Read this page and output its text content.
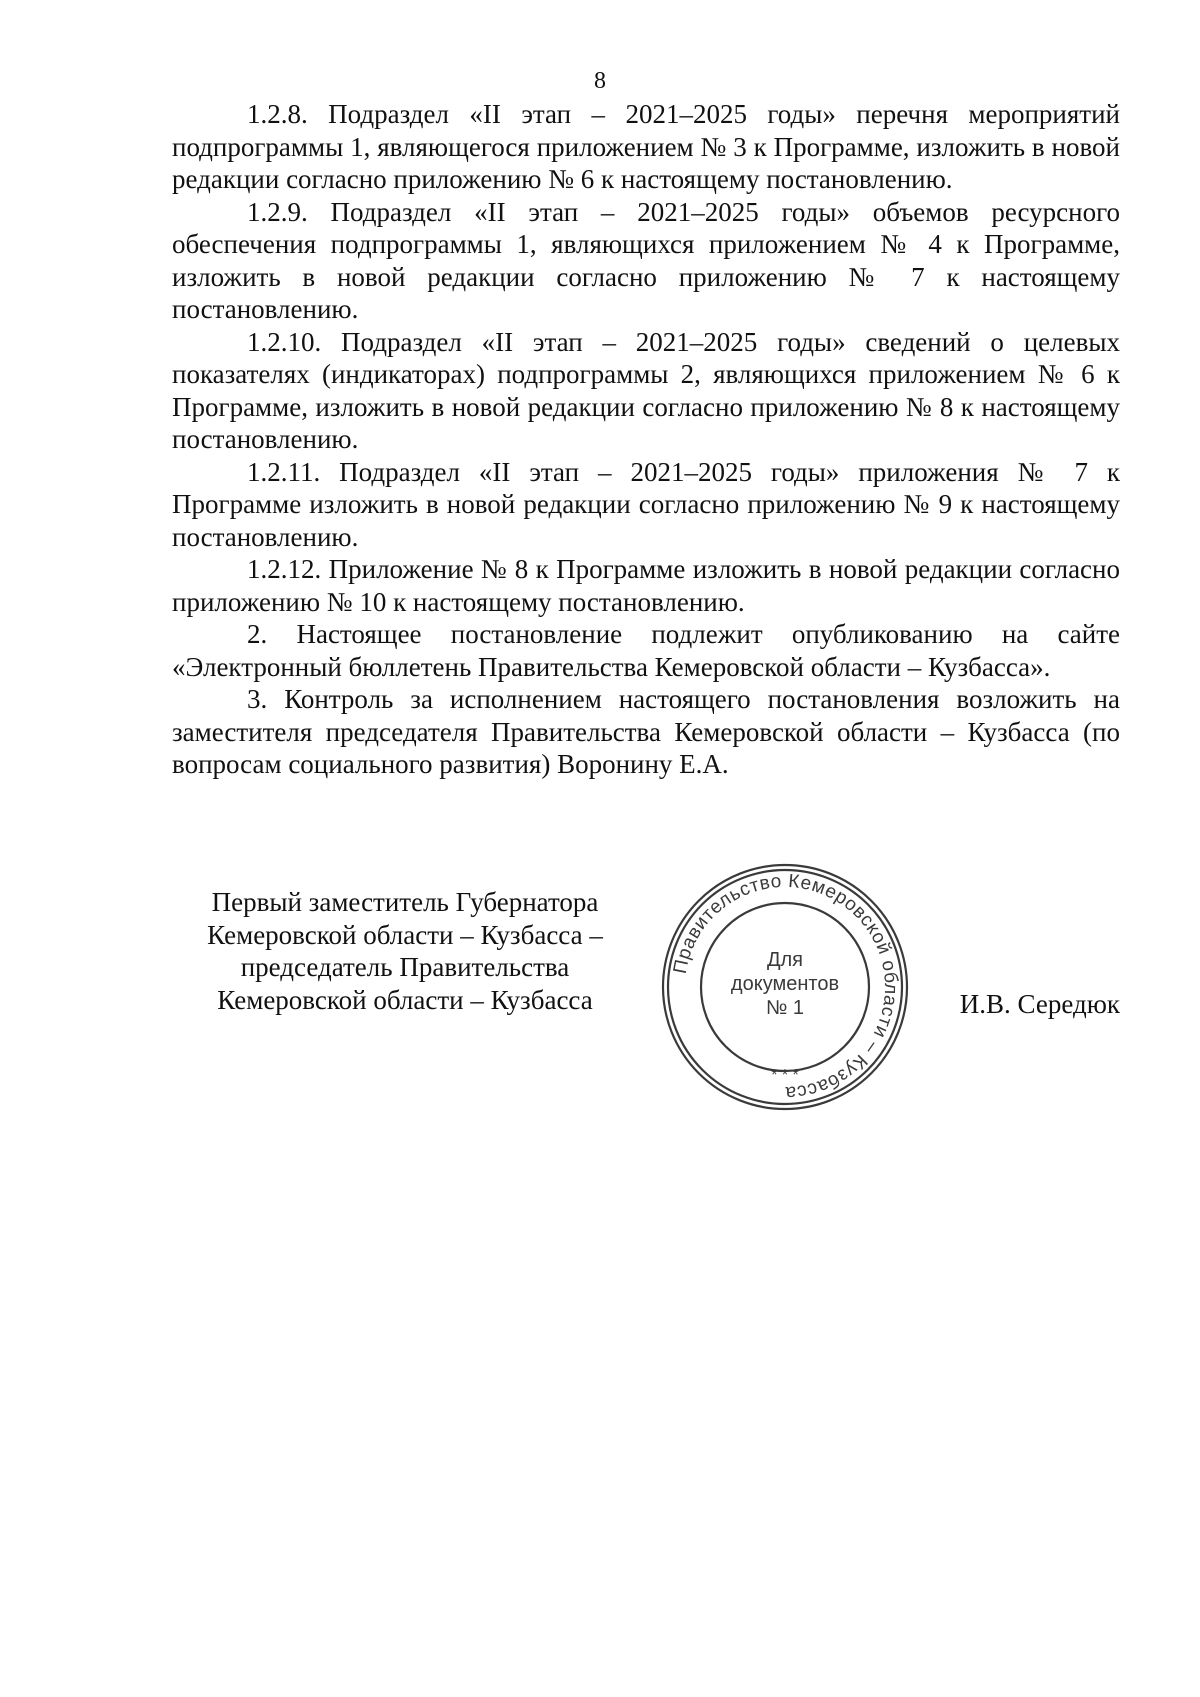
8

1.2.8. Подраздел «II этап – 2021–2025 годы» перечня мероприятий подпрограммы 1, являющегося приложением № 3 к Программе, изложить в новой редакции согласно приложению № 6 к настоящему постановлению.

1.2.9. Подраздел «II этап – 2021–2025 годы» объемов ресурсного обеспечения подпрограммы 1, являющихся приложением № 4 к Программе, изложить в новой редакции согласно приложению № 7 к настоящему постановлению.

1.2.10. Подраздел «II этап – 2021–2025 годы» сведений о целевых показателях (индикаторах) подпрограммы 2, являющихся приложением № 6 к Программе, изложить в новой редакции согласно приложению № 8 к настоящему постановлению.

1.2.11. Подраздел «II этап – 2021–2025 годы» приложения № 7 к Программе изложить в новой редакции согласно приложению № 9 к настоящему постановлению.

1.2.12. Приложение № 8 к Программе изложить в новой редакции согласно приложению № 10 к настоящему постановлению.

2. Настоящее постановление подлежит опубликованию на сайте «Электронный бюллетень Правительства Кемеровской области – Кузбасса».

3. Контроль за исполнением настоящего постановления возложить на заместителя председателя Правительства Кемеровской области – Кузбасса (по вопросам социального развития) Воронину Е.А.

Первый заместитель Губернатора
Кемеровской области – Кузбасса –
председатель Правительства
Кемеровской области – Кузбасса
Правительство Кемеровской области – Кузбасса
* * *
Для
документов
№ 1	И.В. Середюк
